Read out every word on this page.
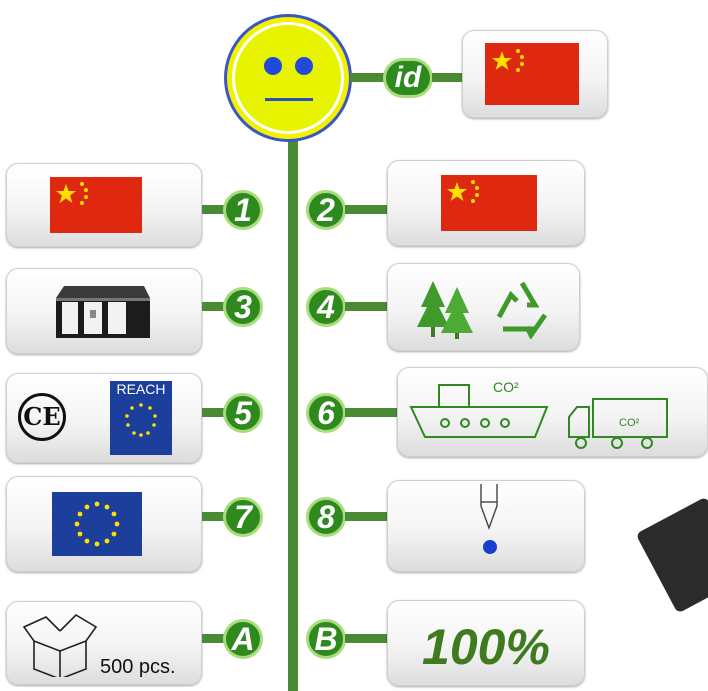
id
1	2
3	4
CE
REACH
5	6
CO²
CO²
7	8
500 pcs.
A B	100%
